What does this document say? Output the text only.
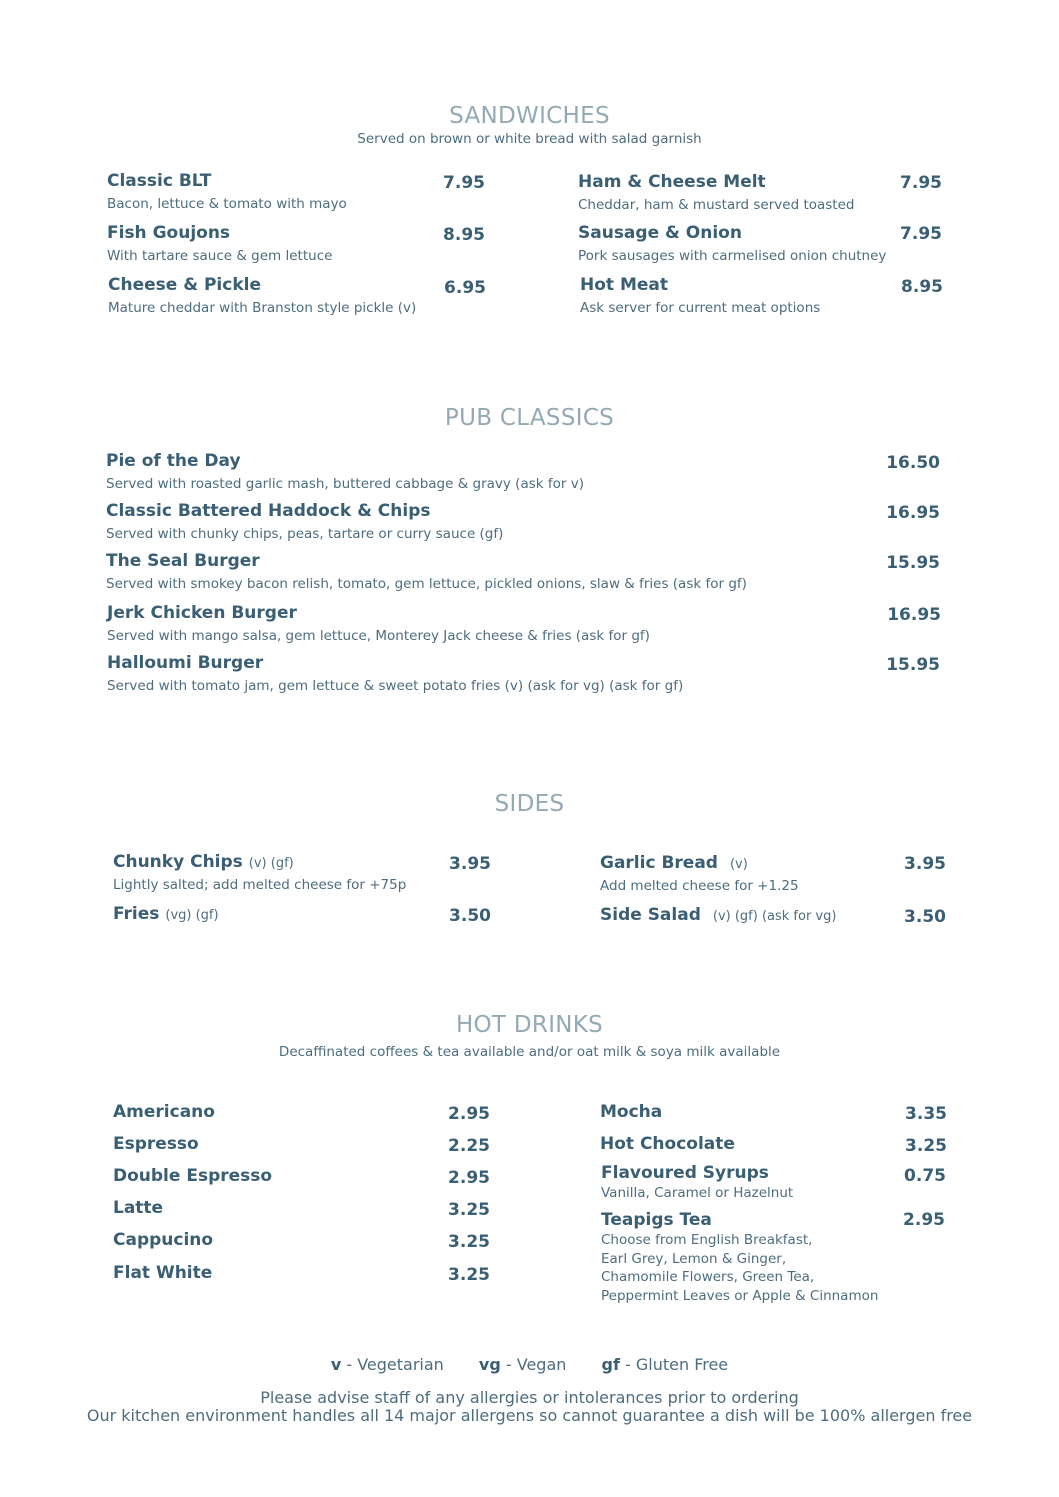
SANDWICHES
Served on brown or white bread with salad garnish
Classic BLT
Bacon, lettuce & tomato with mayo
7.95
Fish Goujons
With tartare sauce & gem lettuce
8.95
Cheese & Pickle
Mature cheddar with Branston style pickle (v)
6.95
Ham & Cheese Melt
Cheddar, ham & mustard served toasted
7.95
Sausage & Onion
Pork sausages with carmelised onion chutney
7.95
Hot Meat
Ask server for current meat options
8.95
PUB CLASSICS
Pie of the Day
Served with roasted garlic mash, buttered cabbage & gravy (ask for v)
16.50
Classic Battered Haddock & Chips
Served with chunky chips, peas, tartare or curry sauce (gf)
16.95
The Seal Burger
Served with smokey bacon relish, tomato, gem lettuce, pickled onions, slaw & fries (ask for gf)
15.95
Jerk Chicken Burger
Served with mango salsa, gem lettuce, Monterey Jack cheese & fries (ask for gf)
16.95
Halloumi Burger
Served with tomato jam, gem lettuce & sweet potato fries (v) (ask for vg) (ask for gf)
15.95
SIDES
Chunky Chips (v) (gf)
Lightly salted; add melted cheese for +75p
3.95
Fries (vg) (gf)	3.50
Garlic Bread (v)
Add melted cheese for +1.25
3.95
Side Salad (v) (gf) (ask for vg)	3.50
HOT DRINKS
Decaffinated coffees & tea available and/or oat milk & soya milk available
Americano	2.95
Espresso	2.25
Double Espresso	2.95
Latte	3.25
Cappucino	3.25
Flat White	3.25
Mocha	3.35
Hot Chocolate	3.25
Flavoured Syrups
Vanilla, Caramel or Hazelnut
0.75
Teapigs Tea
Choose from English Breakfast,
Earl Grey, Lemon & Ginger,
Chamomile Flowers, Green Tea,
Peppermint Leaves or Apple & Cinnamon
2.95
v - Vegetarian vg - Vegan gf - Gluten Free
Please advise staff of any allergies or intolerances prior to ordering
Our kitchen environment handles all 14 major allergens so cannot guarantee a dish will be 100% allergen free
